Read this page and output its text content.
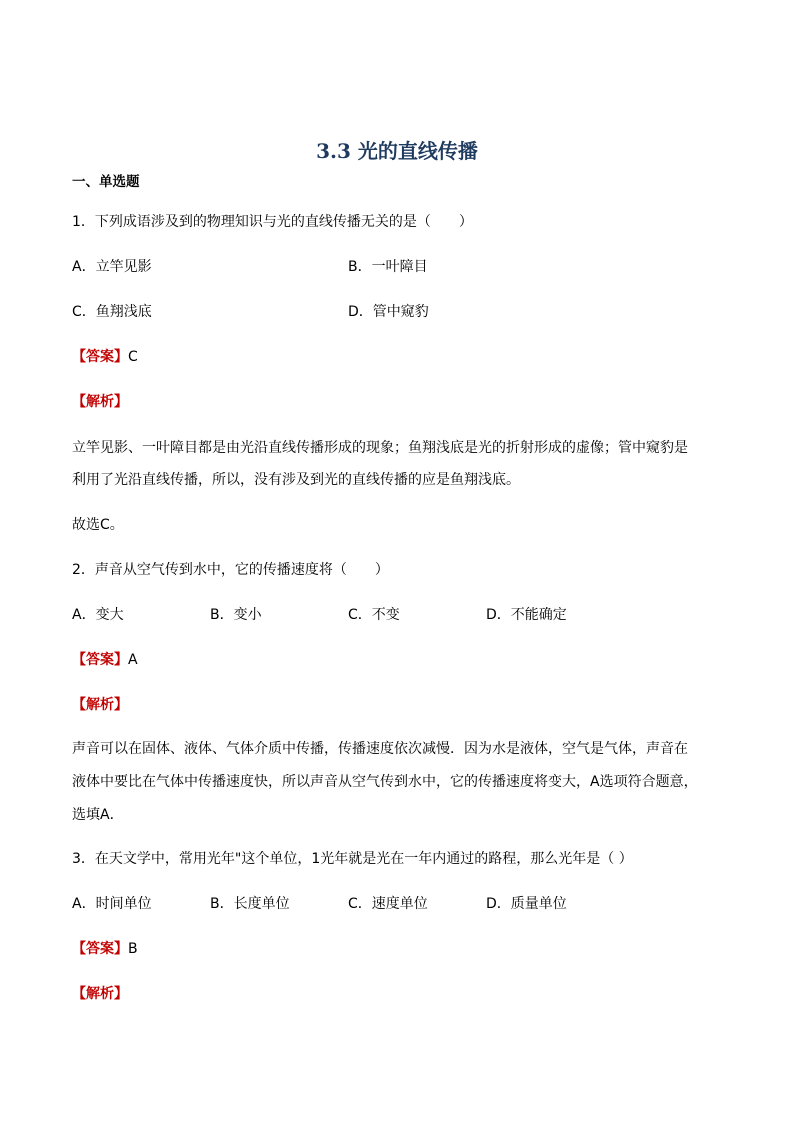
3.3 光的直线传播
一、单选题
1．下列成语涉及到的物理知识与光的直线传播无关的是（　　）
A．立竿见影	B．一叶障目
C．鱼翔浅底	D．管中窥豹
【答案】C
【解析】
立竿见影、一叶障目都是由光沿直线传播形成的现象；鱼翔浅底是光的折射形成的虚像；管中窥豹是
利用了光沿直线传播，所以，没有涉及到光的直线传播的应是鱼翔浅底。
故选C。
2．声音从空气传到水中，它的传播速度将（　　）
A．变大	B．变小	C．不变	D．不能确定
【答案】A
【解析】
声音可以在固体、液体、气体介质中传播，传播速度依次减慢．因为水是液体，空气是气体，声音在
液体中要比在气体中传播速度快，所以声音从空气传到水中，它的传播速度将变大，A选项符合题意，
选填A．
3．在天文学中，常用光年"这个单位，1光年就是光在一年内通过的路程，那么光年是（ ）
A．时间单位	B．长度单位	C．速度单位	D．质量单位
【答案】B
【解析】
